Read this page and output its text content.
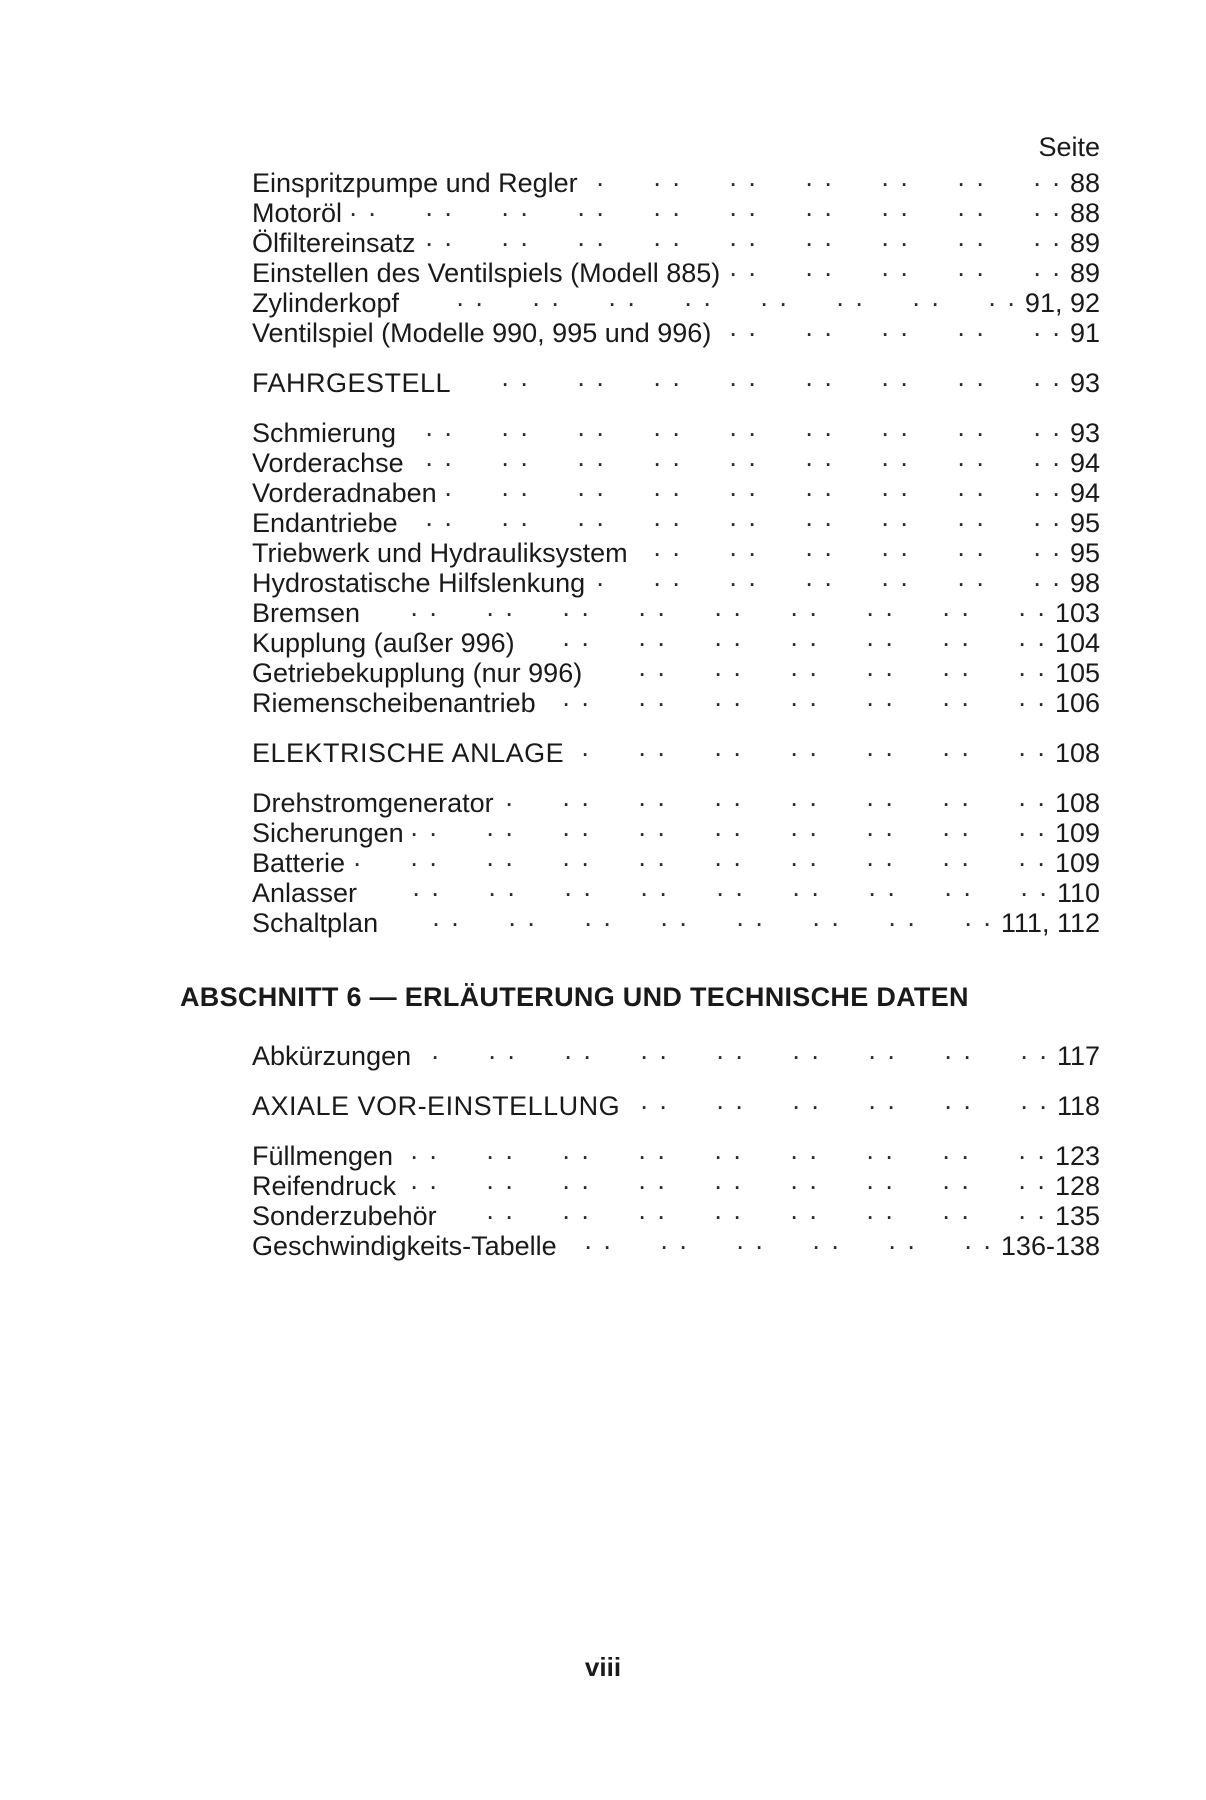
Seite
Einspritzpumpe und Regler . .	88
Motoröl . .	88
Ölfiltereinsatz . .	89
Einstellen des Ventilspiels (Modell 885) . .	89
Zylinderkopf . .	91, 92
Ventilspiel (Modelle 990, 995 und 996) . .	91
FAHRGESTELL . .	93
Schmierung . .	93
Vorderachse . .	94
Vorderadnaben . .	94
Endantriebe . .	95
Triebwerk und Hydrauliksystem . .	95
Hydrostatische Hilfslenkung . .	98
Bremsen . .	103
Kupplung (außer 996) . .	104
Getriebekupplung (nur 996) . .	105
Riemenscheibenantrieb . .	106
ELEKTRISCHE ANLAGE . .	108
Drehstromgenerator . .	108
Sicherungen . .	109
Batterie . .	109
Anlasser . .	110
Schaltplan . .	111, 112
ABSCHNITT 6 — ERLÄUTERUNG UND TECHNISCHE DATEN
Abkürzungen . .	117
AXIALE VOR-EINSTELLUNG . .	118
Füllmengen . .	123
Reifendruck . .	128
Sonderzubehör . .	135
Geschwindigkeits-Tabelle . .	136-138
viii
